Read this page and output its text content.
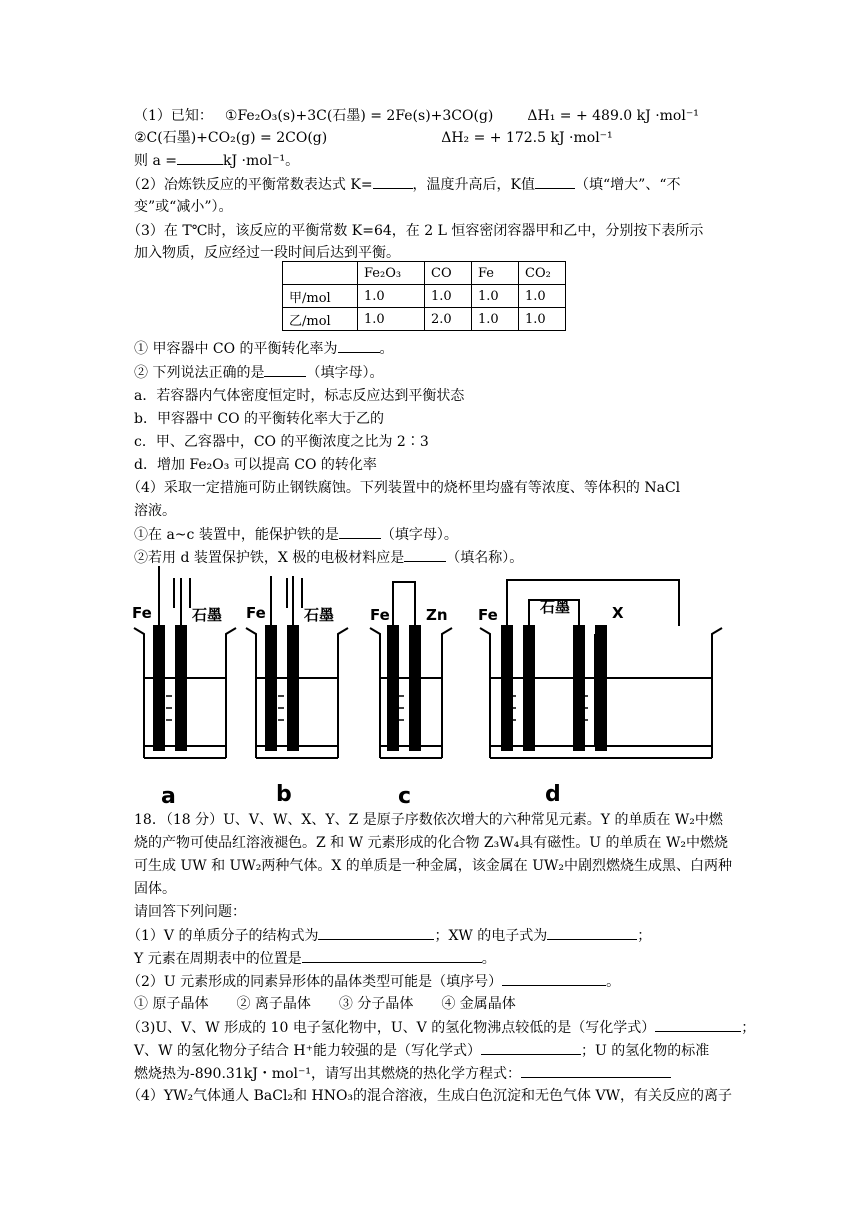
（1）已知： ①Fe₂O₃(s)+3C(石墨) = 2Fe(s)+3CO(g) ΔH₁ = + 489.0 kJ ·mol⁻¹
②C(石墨)+CO₂(g) = 2CO(g)	ΔH₂ = + 172.5 kJ ·mol⁻¹
则 a =	kJ ·mol⁻¹。
（2）冶炼铁反应的平衡常数表达式 K=	，温度升高后，K值	（填“增大”、“不
变”或“减小”）。
（3）在 T℃时，该反应的平衡常数 K=64，在 2 L 恒容密闭容器甲和乙中，分别按下表所示
加入物质，反应经过一段时间后达到平衡。
	Fe₂O₃	CO	Fe	CO₂
甲/mol	1.0	1.0	1.0	1.0
乙/mol	1.0	2.0	1.0	1.0
① 甲容器中 CO 的平衡转化率为	。
② 下列说法正确的是	（填字母）。
a．若容器内气体密度恒定时，标志反应达到平衡状态
b．甲容器中 CO 的平衡转化率大于乙的
c．甲、乙容器中，CO 的平衡浓度之比为 2∶3
d．增加 Fe₂O₃ 可以提高 CO 的转化率
（4）采取一定措施可防止钢铁腐蚀。下列装置中的烧杯里均盛有等浓度、等体积的 NaCl
溶液。
①在 a~c 装置中，能保护铁的是	（填字母）。
②若用 d 装置保护铁，X 极的电极材料应是	（填名称）。
Fe	石墨 Fe	石墨 Fe Zn Fe	石墨	X
a	b	c	d
18．（18 分）U、V、W、X、Y、Z 是原子序数依次增大的六种常见元素。Y 的单质在 W₂中燃
烧的产物可使品红溶液褪色。Z 和 W 元素形成的化合物 Z₃W₄具有磁性。U 的单质在 W₂中燃烧
可生成 UW 和 UW₂两种气体。X 的单质是一种金属，该金属在 UW₂中剧烈燃烧生成黑、白两种
固体。
请回答下列问题：
（1）V 的单质分子的结构式为	；XW 的电子式为	；
Y 元素在周期表中的位置是	。
（2）U 元素形成的同素异形体的晶体类型可能是（填序号）	。
① 原子晶体　　② 离子晶体　　③ 分子晶体　　④ 金属晶体
（3)U、V、W 形成的 10 电子氢化物中，U、V 的氢化物沸点较低的是（写化学式）	；
V、W 的氢化物分子结合 H⁺能力较强的是（写化学式）	；U 的氢化物的标准
燃烧热为-890.31kJ・mol⁻¹，请写出其燃烧的热化学方程式：
（4）YW₂气体通人 BaCl₂和 HNO₃的混合溶液，生成白色沉淀和无色气体 VW，有关反应的离子
